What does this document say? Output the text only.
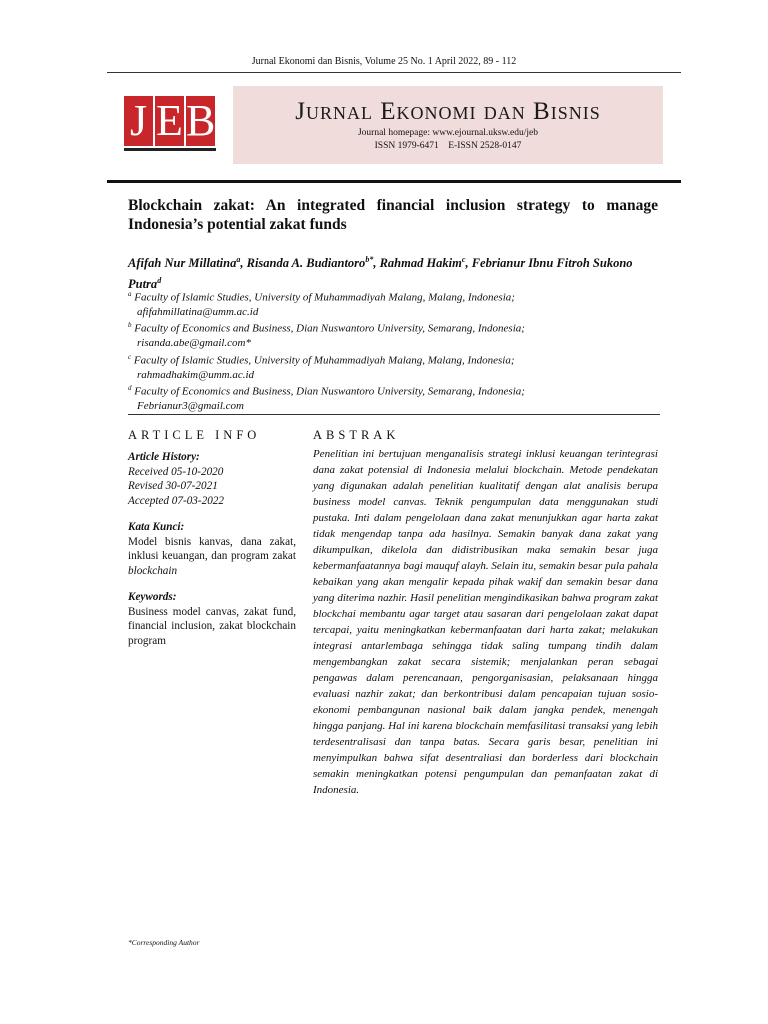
Jurnal Ekonomi dan Bisnis, Volume 25 No. 1 April 2022, 89 - 112
J E B	Jurnal Ekonomi dan Bisnis
Journal homepage: www.ejournal.uksw.edu/jeb
ISSN 1979-6471    E-ISSN 2528-0147
Blockchain zakat: An integrated financial inclusion strategy to manage Indonesia’s potential zakat funds
Afifah Nur Millatina$^a$, Risanda A. Budiantoro$^{b*}$, Rahmad Hakim$^c$, Febrianur Ibnu Fitroh Sukono Putra$^d$
$^a$ Faculty of Islamic Studies, University of Muhammadiyah Malang, Malang, Indonesia;
afifahmillatina@umm.ac.id
$^b$ Faculty of Economics and Business, Dian Nuswantoro University, Semarang, Indonesia;
risanda.abe@gmail.com*
$^c$ Faculty of Islamic Studies, University of Muhammadiyah Malang, Malang, Indonesia;
rahmadhakim@umm.ac.id
$^d$ Faculty of Economics and Business, Dian Nuswantoro University, Semarang, Indonesia;
Febrianur3@gmail.com
ARTICLE INFO	ABSTRAK
Article History:
Received 05-10-2020
Revised 30-07-2021
Accepted 07-03-2022
Kata Kunci:
Model bisnis kanvas, dana zakat, inklusi keuangan, dan program zakat blockchain
Keywords:
Business model canvas, zakat fund, financial inclusion, zakat blockchain program
Penelitian ini bertujuan menganalisis strategi inklusi keuangan terintegrasi dana zakat potensial di Indonesia melalui blockchain. Metode pendekatan yang digunakan adalah penelitian kualitatif dengan alat analisis berupa business model canvas. Teknik pengumpulan data menggunakan studi pustaka. Inti dalam pengelolaan dana zakat menunjukkan agar harta zakat tidak mengendap tanpa ada hasilnya. Semakin banyak dana zakat yang dikumpulkan, dikelola dan didistribusikan maka semakin besar juga kebermanfaatannya bagi mauquf alayh. Selain itu, semakin besar pula pahala kebaikan yang akan mengalir kepada pihak wakif dan semakin besar dana yang diterima nazhir. Hasil penelitian mengindikasikan bahwa program zakat blockchai membantu agar target atau sasaran dari pengelolaan zakat dapat tercapai, yaitu meningkatkan kebermanfaatan dari harta zakat; melakukan integrasi antarlembaga sehingga tidak saling tumpang tindih dalam mengembangkan zakat secara sistemik; menjalankan peran sebagai pengawas dalam perencanaan, pengorganisasian, pelaksanaan hingga evaluasi nazhir zakat; dan berkontribusi dalam pencapaian tujuan sosio-ekonomi pembangunan nasional baik dalam jangka pendek, menengah hingga panjang. Hal ini karena blockchain memfasilitasi transaksi yang lebih terdesentralisasi dan tanpa batas. Secara garis besar, penelitian ini menyimpulkan bahwa sifat desentraliasi dan borderless dari blockchain semakin meningkatkan potensi pengumpulan dan pemanfaatan zakat di Indonesia.
*Corresponding Author
